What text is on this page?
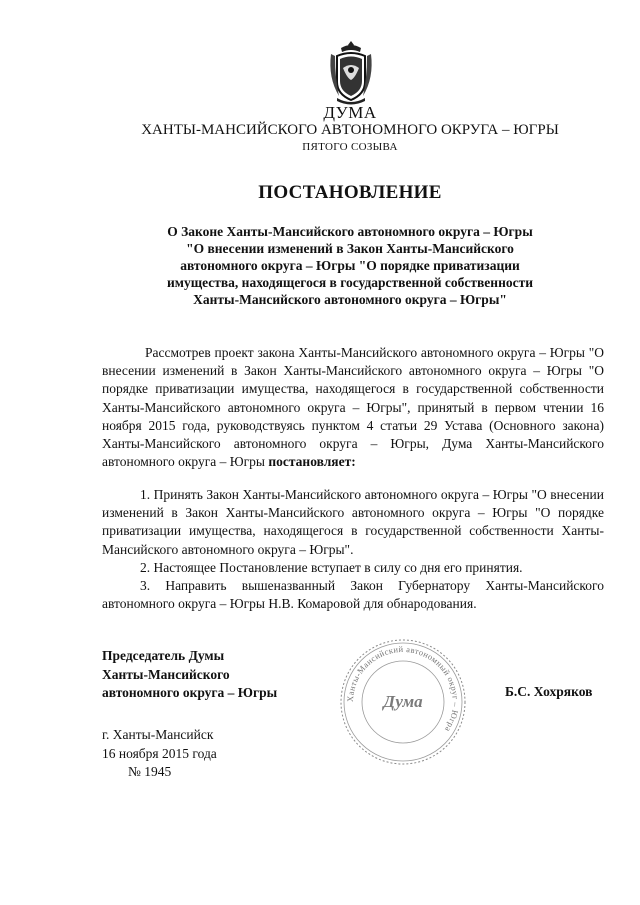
ДУМА
ХАНТЫ-МАНСИЙСКОГО АВТОНОМНОГО ОКРУГА – ЮГРЫ
ПЯТОГО СОЗЫВА
ПОСТАНОВЛЕНИЕ
О Законе Ханты-Мансийского автономного округа – Югры
"О внесении изменений в Закон Ханты-Мансийского
автономного округа – Югры "О порядке приватизации
имущества, находящегося в государственной собственности
Ханты-Мансийского автономного округа – Югры"

Рассмотрев проект закона Ханты-Мансийского автономного округа – Югры "О внесении изменений в Закон Ханты-Мансийского автономного округа – Югры "О порядке приватизации имущества, находящегося в государственной собственности Ханты-Мансийского автономного округа – Югры", принятый в первом чтении 16 ноября 2015 года, руководствуясь пунктом 4 статьи 29 Устава (Основного закона) Ханты-Мансийского автономного округа – Югры, Дума Ханты-Мансийского автономного округа – Югры постановляет:

1. Принять Закон Ханты-Мансийского автономного округа – Югры "О внесении изменений в Закон Ханты-Мансийского автономного округа – Югры "О порядке приватизации имущества, находящегося в государственной собственности Ханты-Мансийского автономного округа – Югры".

2. Настоящее Постановление вступает в силу со дня его принятия.

3. Направить вышеназванный Закон Губернатору Ханты-Мансийского автономного округа – Югры Н.В. Комаровой для обнародования.

Ханты-Мансийский автономный округ – Югра
Дума
Председатель Думы
Ханты-Мансийского
автономного округа – Югры	Б.С. Хохряков
г. Ханты-Мансийск
16 ноября 2015 года
№ 1945
